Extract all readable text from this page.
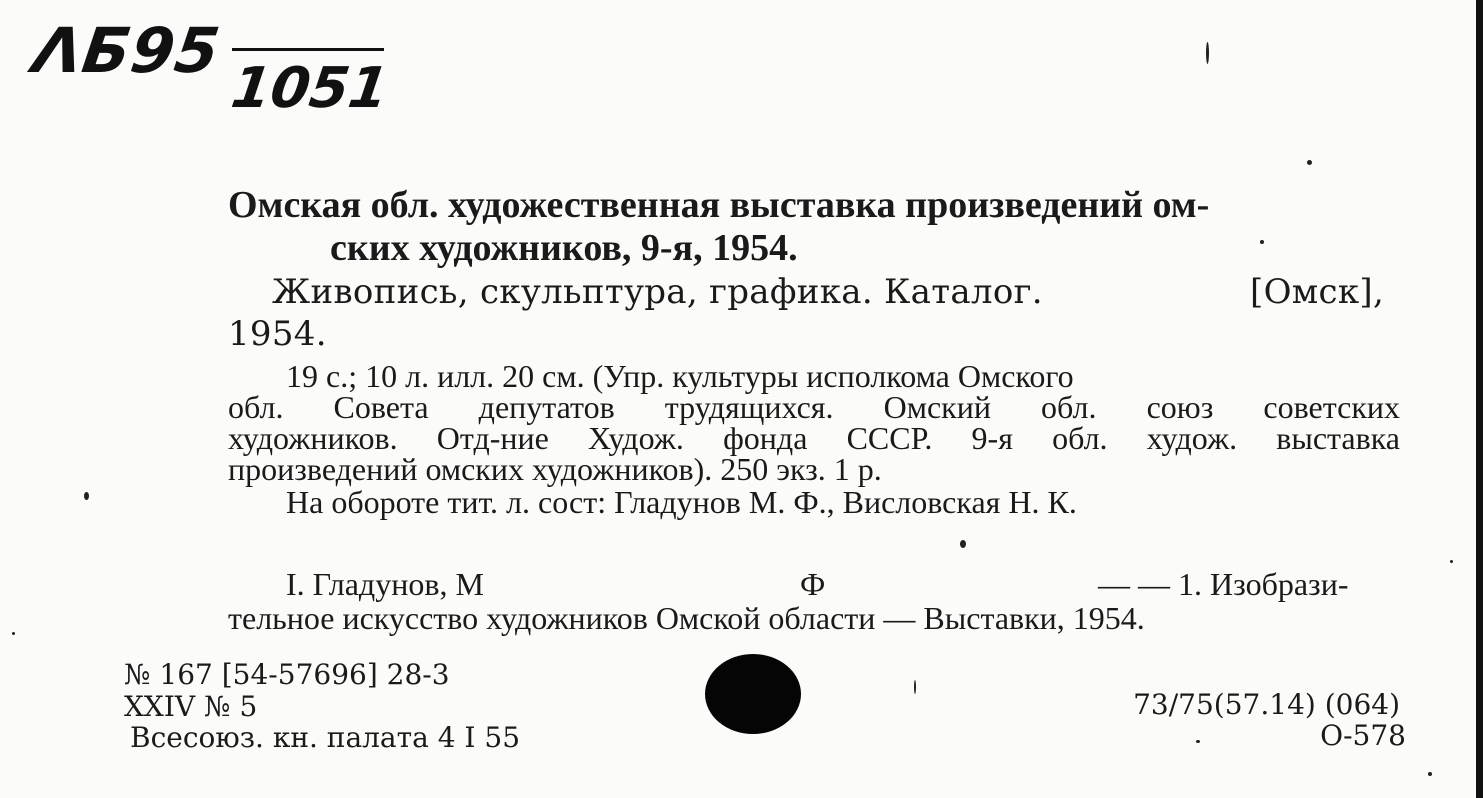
ΛБ95
1051
Омская обл. художественная выставка произведений ом-
ских художников, 9-я, 1954.
Живопись, скульптура, графика. Каталог.	[Омск],
1954.
19 с.; 10 л. илл. 20 см. (Упр. культуры исполкома Омского
обл. Совета депутатов трудящихся. Омский обл. союз советских
художников. Отд-ние Худож. фонда СССР. 9-я обл. худож. выставка
произведений омских художников). 250 экз. 1 р.
На обороте тит. л. сост: Гладунов М. Ф., Висловская Н. К.
I. Гладунов, М	Ф	— — 1. Изобрази-
тельное искусство художников Омской области — Выставки, 1954.
№ 167 [54-57696] 28-3
XXIV № 5
Всесоюз. кн. палата 4 I 55
73/75(57.14) (064)
О-578
